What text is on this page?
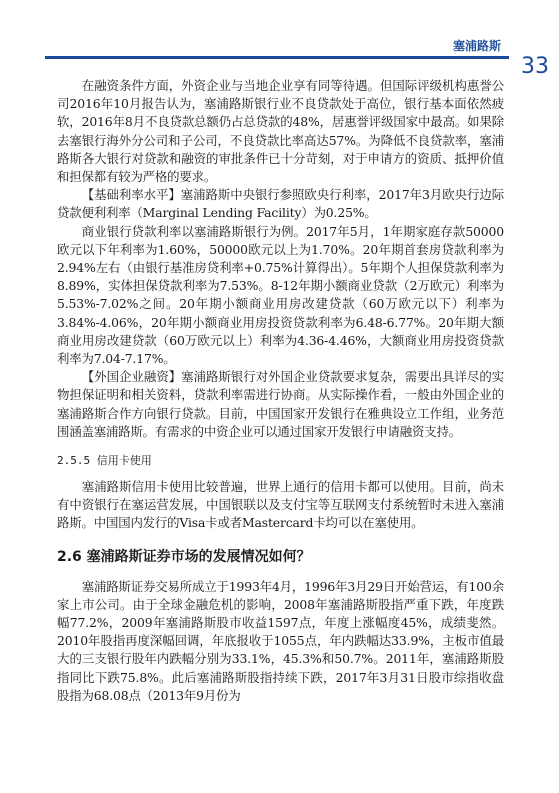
塞浦路斯
33

在融资条件方面，外资企业与当地企业享有同等待遇。但国际评级机构惠誉公司2016年10月报告认为，塞浦路斯银行业不良贷款处于高位，银行基本面依然疲软，2016年8月不良贷款总额仍占总贷款的48%，居惠誉评级国家中最高。如果除去塞银行海外分公司和子公司，不良贷款比率高达57%。为降低不良贷款率，塞浦路斯各大银行对贷款和融资的审批条件已十分苛刻，对于申请方的资质、抵押价值和担保都有较为严格的要求。

【基础利率水平】塞浦路斯中央银行参照欧央行利率，2017年3月欧央行边际贷款便利利率（Marginal Lending Facility）为0.25%。

商业银行贷款利率以塞浦路斯银行为例。2017年5月，1年期家庭存款50000欧元以下年利率为1.60%，50000欧元以上为1.70%。20年期首套房贷款利率为2.94%左右（由银行基准房贷利率+0.75%计算得出）。5年期个人担保贷款利率为8.89%，实体担保贷款利率为7.53%。8-12年期小额商业贷款（2万欧元）利率为5.53%-7.02%之间。20年期小额商业用房改建贷款（60万欧元以下）利率为3.84%-4.06%，20年期小额商业用房投资贷款利率为6.48-6.77%。20年期大额商业用房改建贷款（60万欧元以上）利率为4.36-4.46%，大额商业用房投资贷款利率为7.04-7.17%。

【外国企业融资】塞浦路斯银行对外国企业贷款要求复杂，需要出具详尽的实物担保证明和相关资料，贷款利率需进行协商。从实际操作看，一般由外国企业的塞浦路斯合作方向银行贷款。目前，中国国家开发银行在雅典设立工作组，业务范围涵盖塞浦路斯。有需求的中资企业可以通过国家开发银行申请融资支持。

2.5.5 信用卡使用

塞浦路斯信用卡使用比较普遍，世界上通行的信用卡都可以使用。目前，尚未有中资银行在塞运营发展，中国银联以及支付宝等互联网支付系统暂时未进入塞浦路斯。中国国内发行的Visa卡或者Mastercard卡均可以在塞使用。

2.6 塞浦路斯证券市场的发展情况如何？

塞浦路斯证券交易所成立于1993年4月，1996年3月29日开始营运，有100余家上市公司。由于全球金融危机的影响，2008年塞浦路斯股指严重下跌，年度跌幅77.2%，2009年塞浦路斯股市收益1597点，年度上涨幅度45%，成绩斐然。2010年股指再度深幅回调，年底报收于1055点，年内跌幅达33.9%，主板市值最大的三支银行股年内跌幅分别为33.1%，45.3%和50.7%。2011年，塞浦路斯股指同比下跌75.8%。此后塞浦路斯股指持续下跌，2017年3月31日股市综指收盘股指为68.08点（2013年9月份为
